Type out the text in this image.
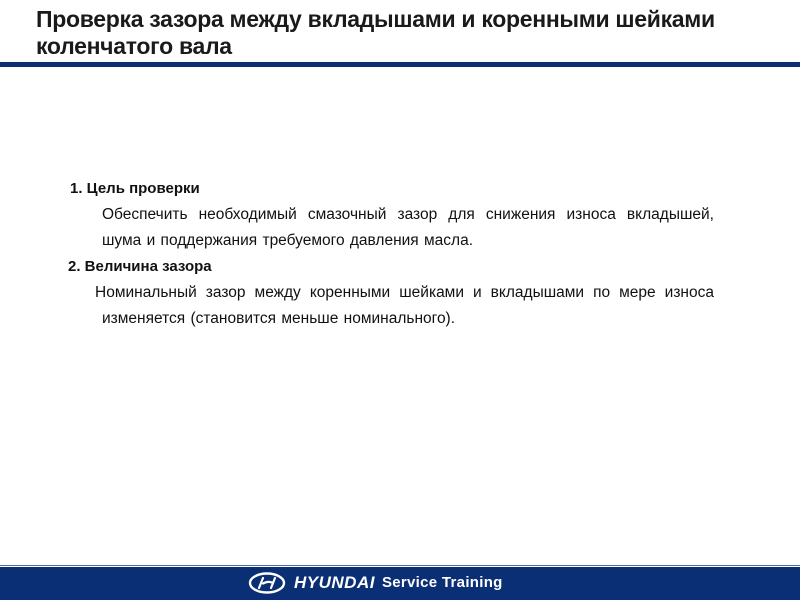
Проверка зазора между вкладышами и коренными шейками коленчатого вала

1. Цель проверки

Обеспечить необходимый смазочный зазор для снижения износа вкладышей, шума и поддержания требуемого давления масла.

2. Величина зазора

Номинальный зазор между коренными шейками и вкладышами по мере износа изменяется (становится меньше номинального).

HYUNDAI Service Training
